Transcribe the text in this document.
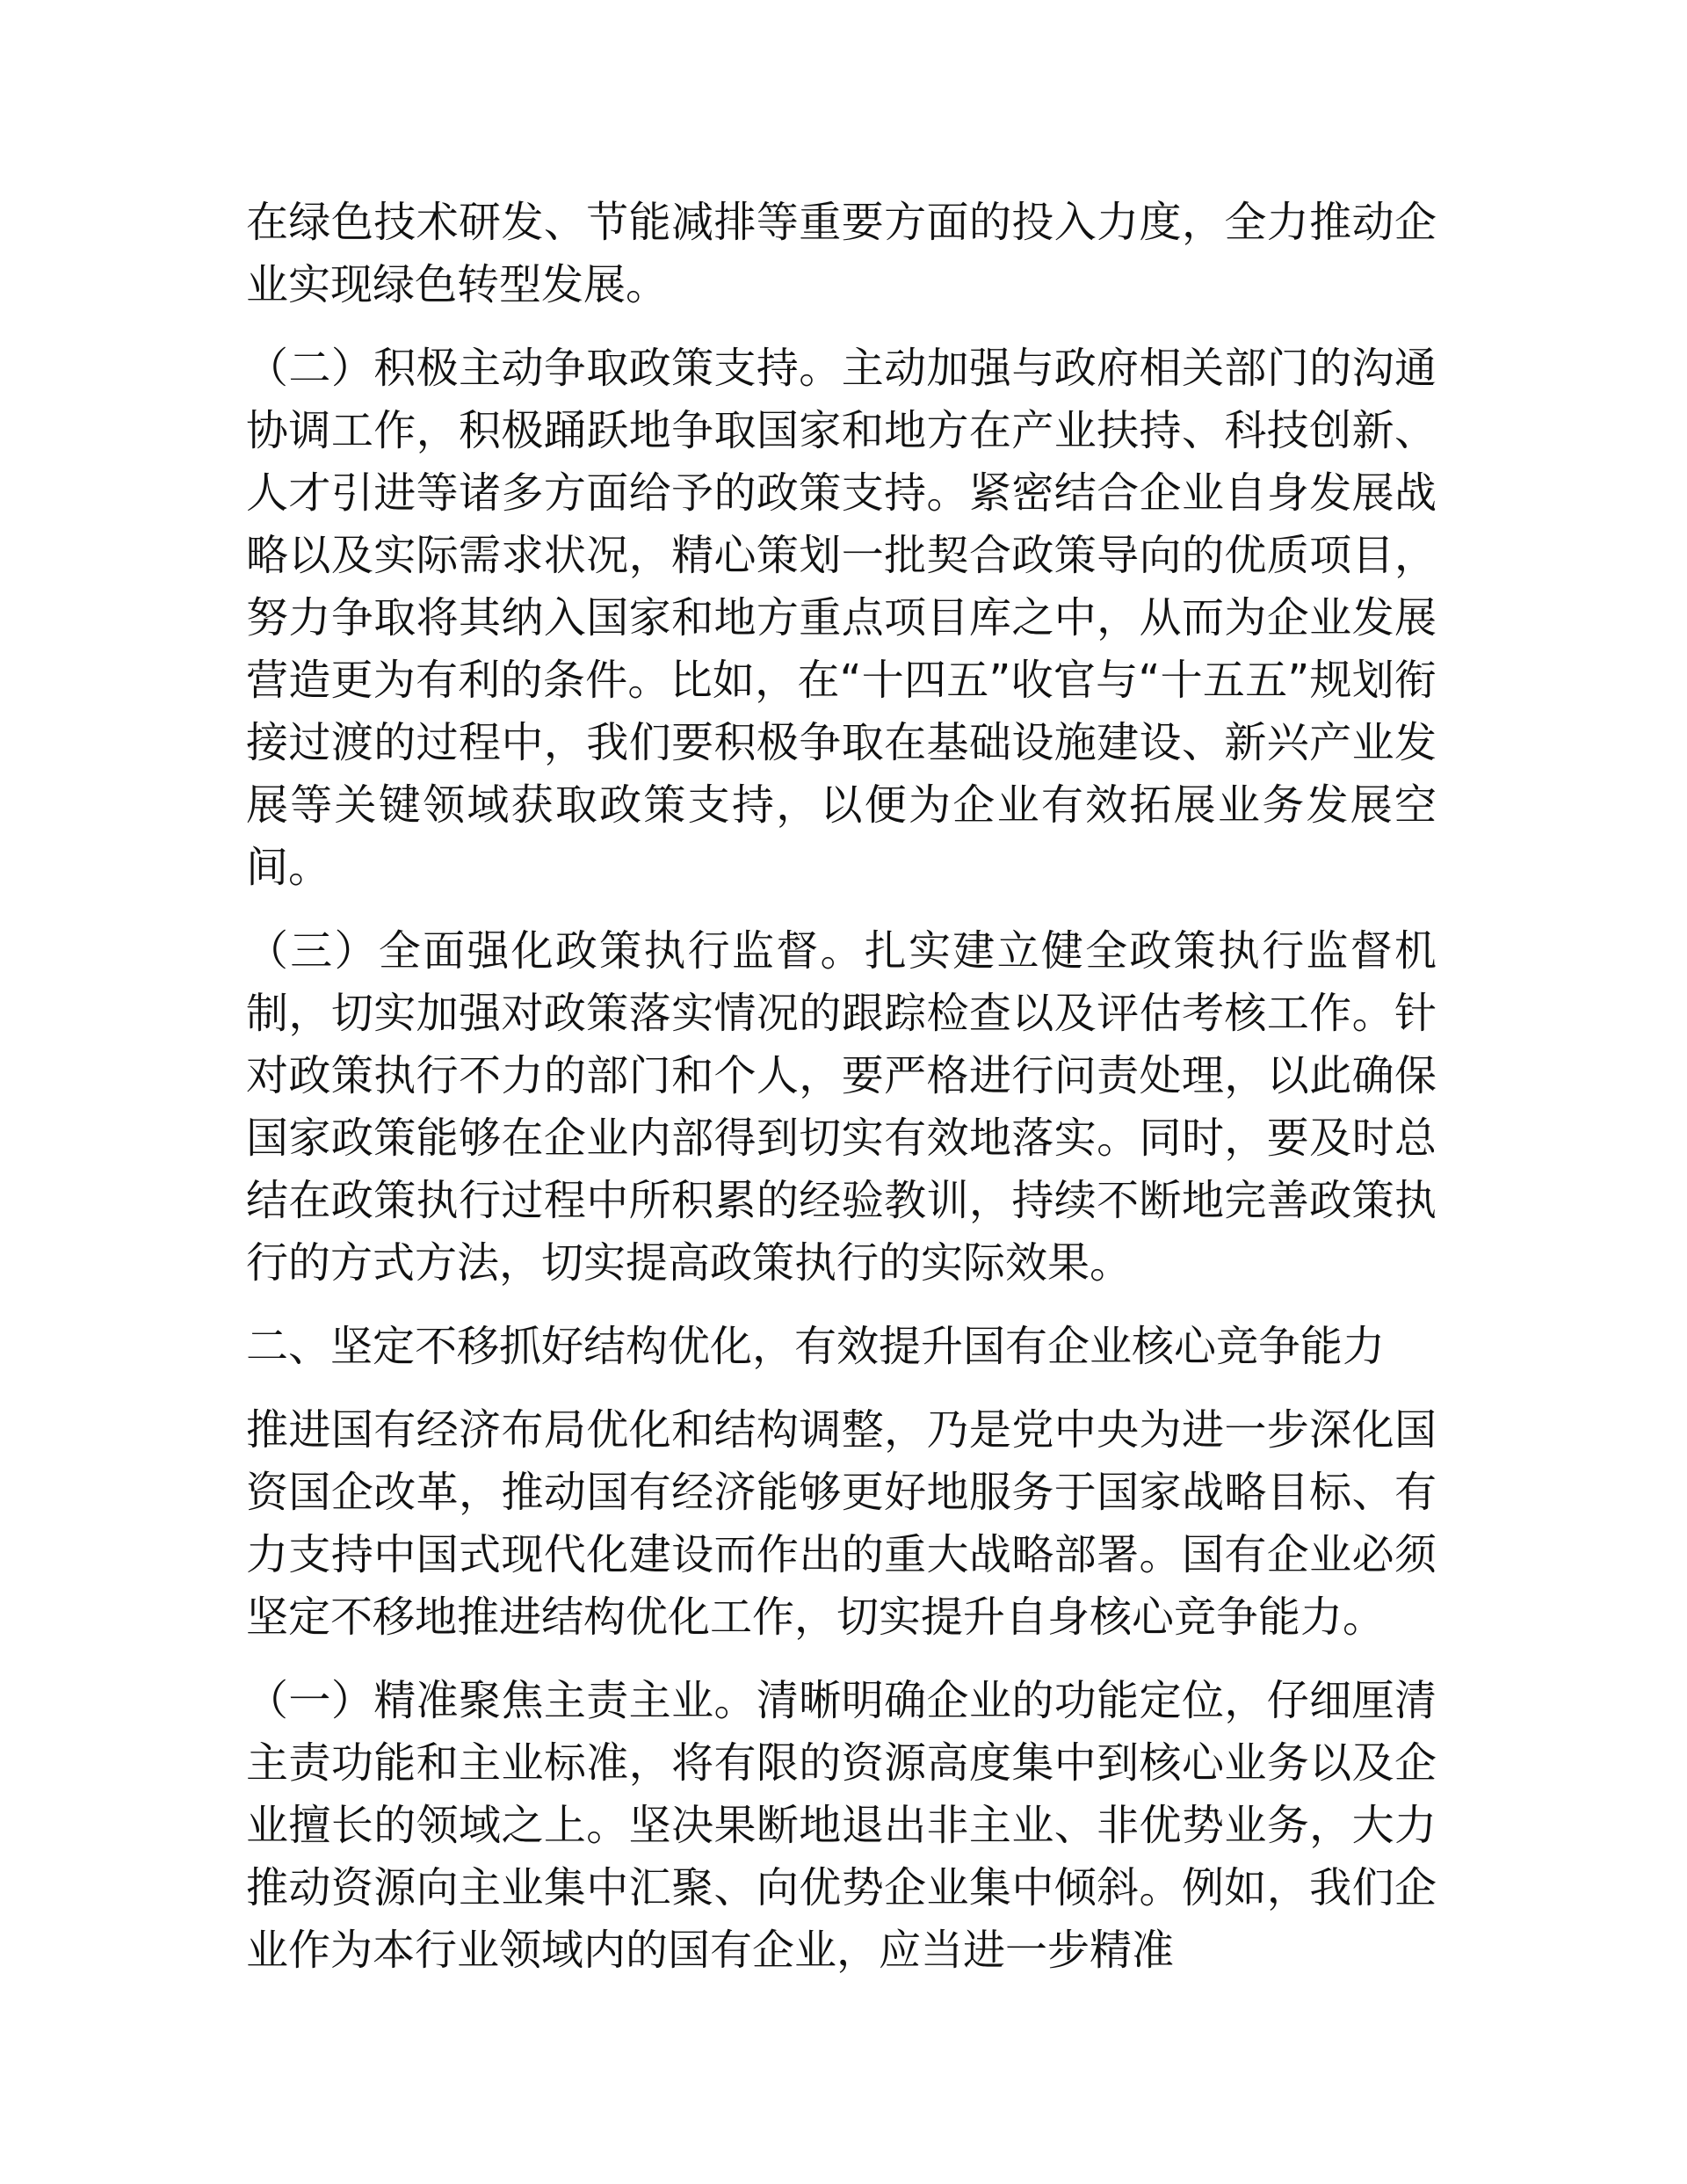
在绿色技术研发、节能减排等重要方面的投入力度，全力推动企业实现绿色转型发展。

（二）积极主动争取政策支持。主动加强与政府相关部门的沟通协调工作，积极踊跃地争取国家和地方在产业扶持、科技创新、人才引进等诸多方面给予的政策支持。紧密结合企业自身发展战略以及实际需求状况，精心策划一批契合政策导向的优质项目，努力争取将其纳入国家和地方重点项目库之中，从而为企业发展营造更为有利的条件。比如，在“十四五”收官与“十五五”规划衔接过渡的过程中，我们要积极争取在基础设施建设、新兴产业发展等关键领域获取政策支持，以便为企业有效拓展业务发展空间。

（三）全面强化政策执行监督。扎实建立健全政策执行监督机制，切实加强对政策落实情况的跟踪检查以及评估考核工作。针对政策执行不力的部门和个人，要严格进行问责处理，以此确保国家政策能够在企业内部得到切实有效地落实。同时，要及时总结在政策执行过程中所积累的经验教训，持续不断地完善政策执行的方式方法，切实提高政策执行的实际效果。

二、坚定不移抓好结构优化，有效提升国有企业核心竞争能力

推进国有经济布局优化和结构调整，乃是党中央为进一步深化国资国企改革，推动国有经济能够更好地服务于国家战略目标、有力支持中国式现代化建设而作出的重大战略部署。国有企业必须坚定不移地推进结构优化工作，切实提升自身核心竞争能力。

（一）精准聚焦主责主业。清晰明确企业的功能定位，仔细厘清主责功能和主业标准，将有限的资源高度集中到核心业务以及企业擅长的领域之上。坚决果断地退出非主业、非优势业务，大力推动资源向主业集中汇聚、向优势企业集中倾斜。例如，我们企业作为本行业领域内的国有企业，应当进一步精准
